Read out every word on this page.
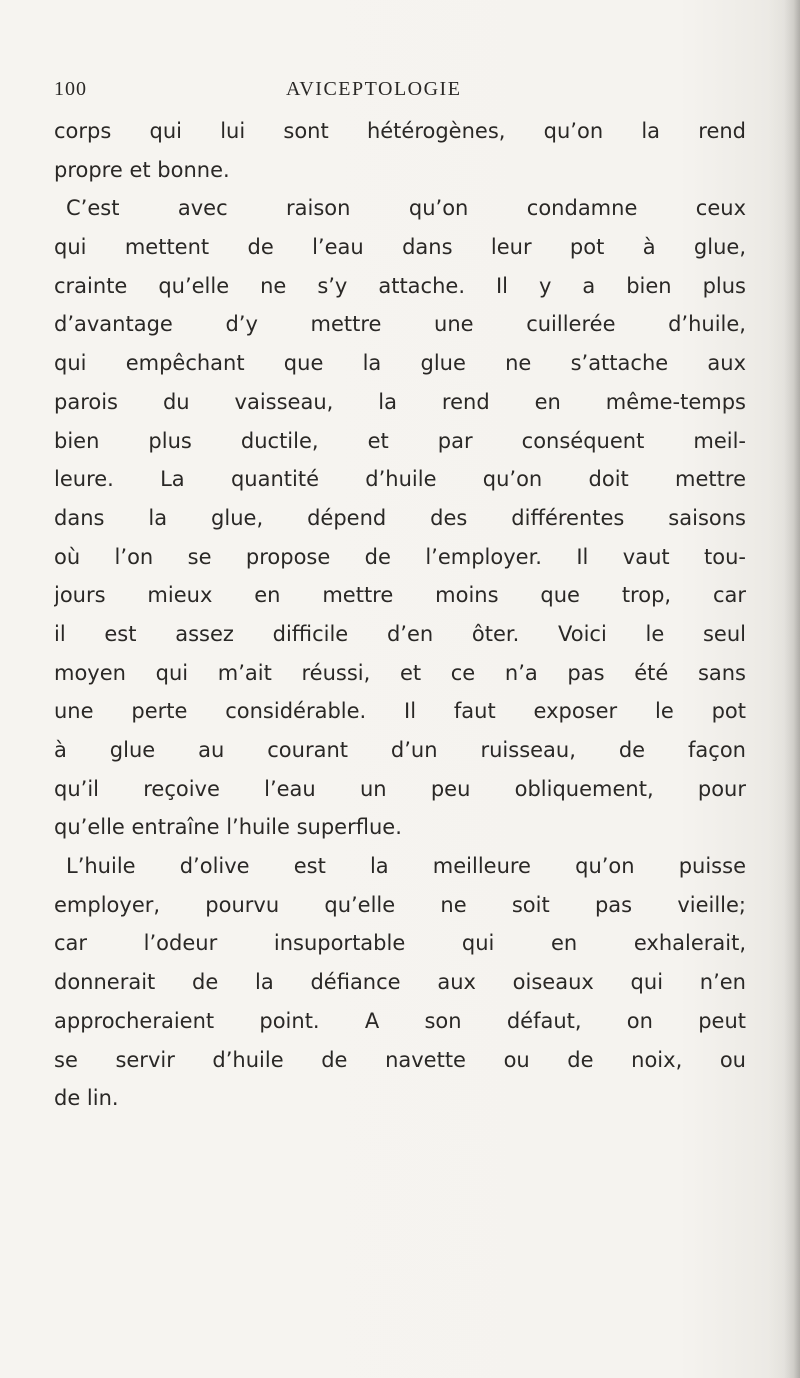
100	AVICEPTOLOGIE
corps qui lui sont hétérogènes, qu’on la rend
propre et bonne.
C’est avec raison qu’on condamne ceux
qui mettent de l’eau dans leur pot à glue,
crainte qu’elle ne s’y attache. Il y a bien plus
d’avantage d’y mettre une cuillerée d’huile,
qui empêchant que la glue ne s’attache aux
parois du vaisseau, la rend en même-temps
bien plus ductile, et par conséquent meil-
leure. La quantité d’huile qu’on doit mettre
dans la glue, dépend des différentes saisons
où l’on se propose de l’employer. Il vaut tou-
jours mieux en mettre moins que trop, car
il est assez difficile d’en ôter. Voici le seul
moyen qui m’ait réussi, et ce n’a pas été sans
une perte considérable. Il faut exposer le pot
à glue au courant d’un ruisseau, de façon
qu’il reçoive l’eau un peu obliquement, pour
qu’elle entraîne l’huile superflue.
L’huile d’olive est la meilleure qu’on puisse
employer, pourvu qu’elle ne soit pas vieille;
car l’odeur insuportable qui en exhalerait,
donnerait de la défiance aux oiseaux qui n’en
approcheraient point. A son défaut, on peut
se servir d’huile de navette ou de noix, ou
de lin.
